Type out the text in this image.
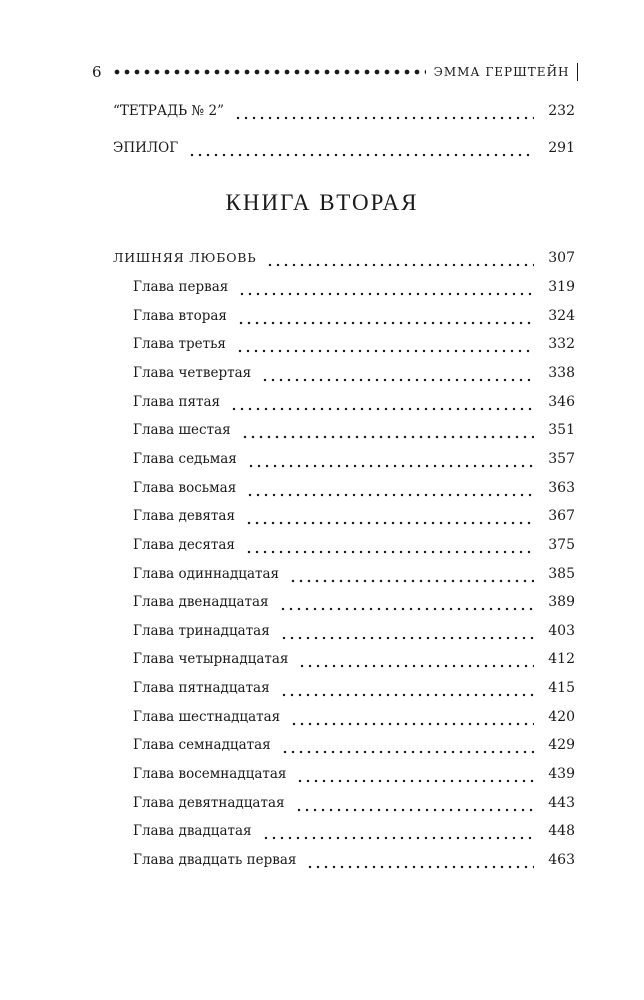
6	ЭММА ГЕРШТЕЙН
“ТЕТРАДЬ № 2”	232
ЭПИЛОГ	291
КНИГА ВТОРАЯ
ЛИШНЯЯ ЛЮБОВЬ	307
Глава первая	319
Глава вторая	324
Глава третья	332
Глава четвертая	338
Глава пятая	346
Глава шестая	351
Глава седьмая	357
Глава восьмая	363
Глава девятая	367
Глава десятая	375
Глава одиннадцатая	385
Глава двенадцатая	389
Глава тринадцатая	403
Глава четырнадцатая	412
Глава пятнадцатая	415
Глава шестнадцатая	420
Глава семнадцатая	429
Глава восемнадцатая	439
Глава девятнадцатая	443
Глава двадцатая	448
Глава двадцать первая	463
